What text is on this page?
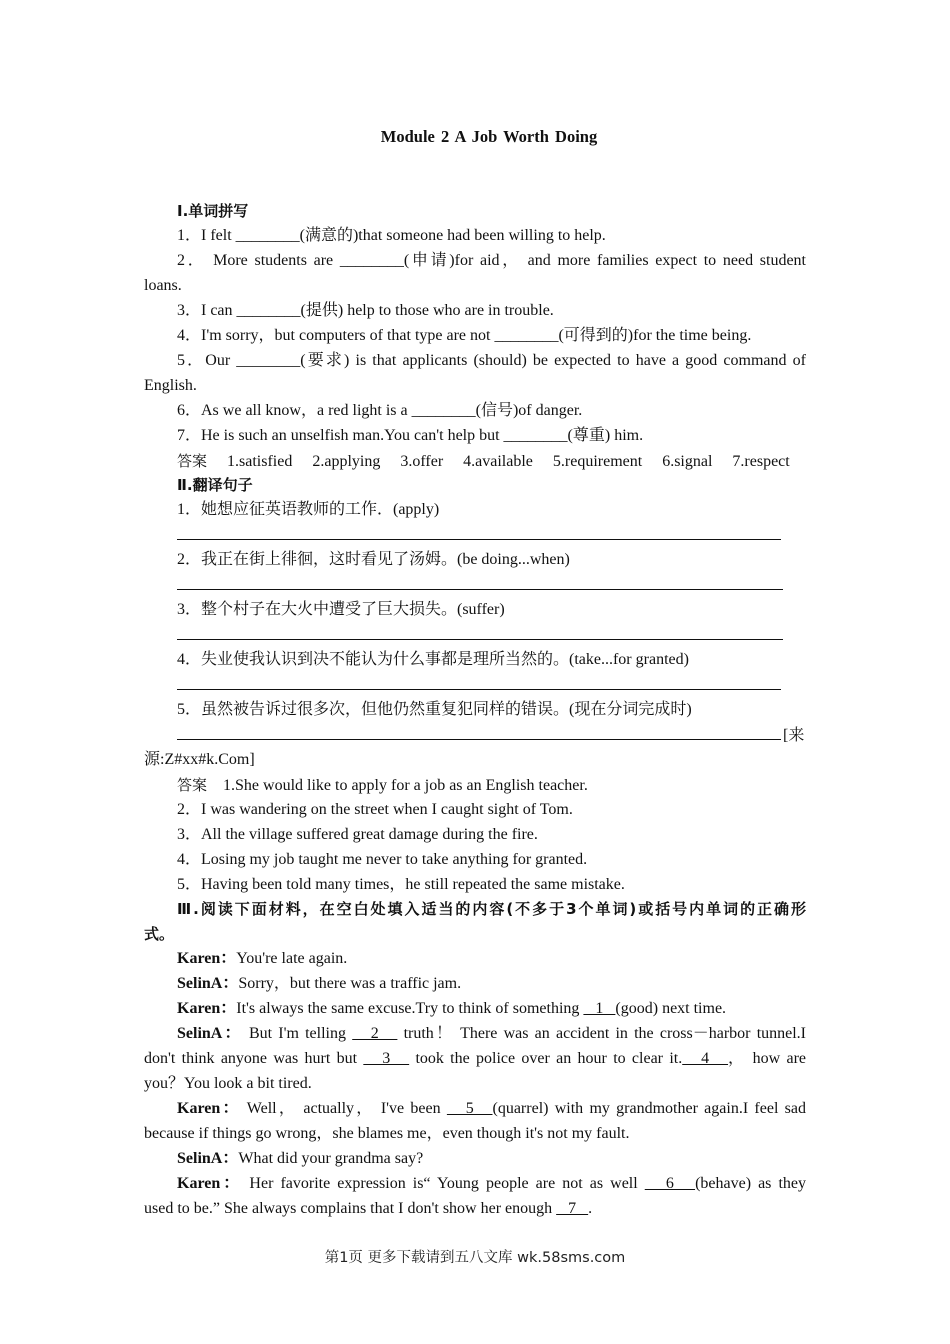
Module 2 A Job Worth Doing
Ⅰ.单词拼写
1．I felt ________(满意的)that someone had been willing to help.
2． More students are ________(申请)for aid， and more families expect to need student
loans.
3．I can ________(提供) help to those who are in trouble.
4．I'm sorry，but computers of that type are not ________(可得到的)for the time being.
5．Our ________(要求) is that applicants (should) be expected to have a good command of
English.
6．As we all know，a red light is a ________(信号)of danger.
7．He is such an unselfish man.You can't help but ________(尊重) him.
答案 1.satisfied 2.applying 3.offer 4.available 5.requirement 6.signal 7.respect
Ⅱ.翻译句子
1．她想应征英语教师的工作．(apply)
2．我正在街上徘徊，这时看见了汤姆。(be doing...when)
3．整个村子在大火中遭受了巨大损失。(suffer)
4．失业使我认识到决不能认为什么事都是理所当然的。(take...for granted)
5．虽然被告诉过很多次，但他仍然重复犯同样的错误。(现在分词完成时)
[来
源:Z#xx#k.Com]
答案 1.She would like to apply for a job as an English teacher.
2．I was wandering on the street when I caught sight of Tom.
3．All the village suffered great damage during the fire.
4．Losing my job taught me never to take anything for granted.
5．Having been told many times，he still repeated the same mistake.
Ⅲ.阅读下面材料，在空白处填入适当的内容(不多于3个单词)或括号内单词的正确形
式。
Karen：You're late again.
SelinA：Sorry，but there was a traffic jam.
Karen：It's always the same excuse.Try to think of something    1   (good) next time.
SelinA： But I'm telling    2    truth！ There was an accident in the cross－harbor tunnel.I
don't think anyone was hurt but    3    took the police over an hour to clear it.   4   ， how are
you？You look a bit tired.
Karen： Well， actually， I've been    5   (quarrel) with my grandmother again.I feel sad
because if things go wrong，she blames me，even though it's not my fault.
SelinA：What did your grandma say?
Karen： Her favorite expression is“ Young people are not as well    6   (behave) as they
used to be.” She always complains that I don't show her enough    7   .
第1页 更多下载请到五八文库 wk.58sms.com
